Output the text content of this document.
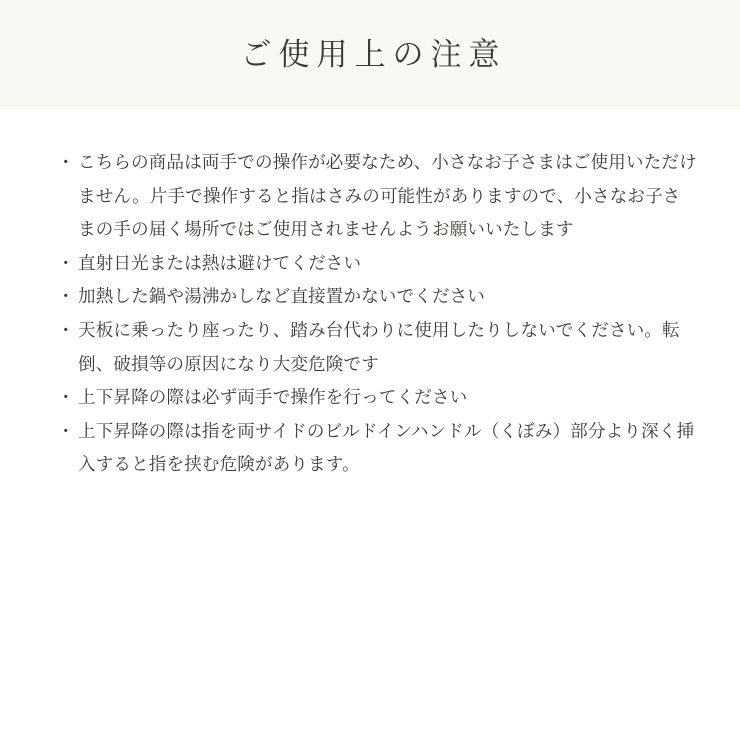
ご使用上の注意
・ こちらの商品は両手での操作が必要なため、小さなお子さまはご使用いただけません。片手で操作すると指はさみの可能性がありますので、小さなお子さまの手の届く場所ではご使用されませんようお願いいたします
・ 直射日光または熱は避けてください
・ 加熱した鍋や湯沸かしなど直接置かないでください
・ 天板に乗ったり座ったり、踏み台代わりに使用したりしないでください。転倒、破損等の原因になり大変危険です
・ 上下昇降の際は必ず両手で操作を行ってください
・ 上下昇降の際は指を両サイドのビルドインハンドル（くぼみ）部分より深く挿入すると指を挟む危険があります。
